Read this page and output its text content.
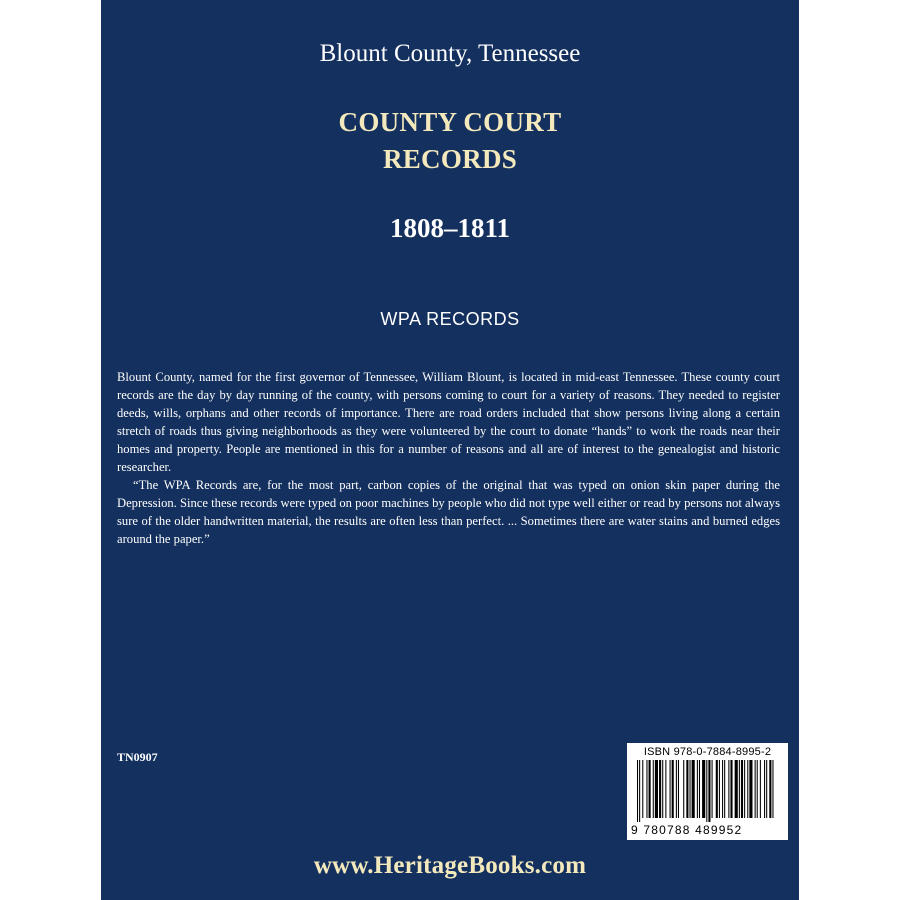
Blount County, Tennessee
COUNTY COURT
RECORDS
1808–1811
WPA RECORDS

Blount County, named for the first governor of Tennessee, William Blount, is located in mid-east Tennessee. These county court records are the day by day running of the county, with persons coming to court for a variety of reasons. They needed to register deeds, wills, orphans and other records of importance. There are road orders included that show persons living along a certain stretch of roads thus giving neighborhoods as they were volunteered by the court to donate “hands” to work the roads near their homes and property. People are mentioned in this for a number of reasons and all are of interest to the genealogist and historic researcher.

“The WPA Records are, for the most part, carbon copies of the original that was typed on onion skin paper during the Depression. Since these records were typed on poor machines by people who did not type well either or read by persons not always sure of the older handwritten material, the results are often less than perfect. ... Sometimes there are water stains and burned edges around the paper.”

TN0907	ISBN 978-0-7884-8995-2
9 780788 489952
www.HeritageBooks.com
